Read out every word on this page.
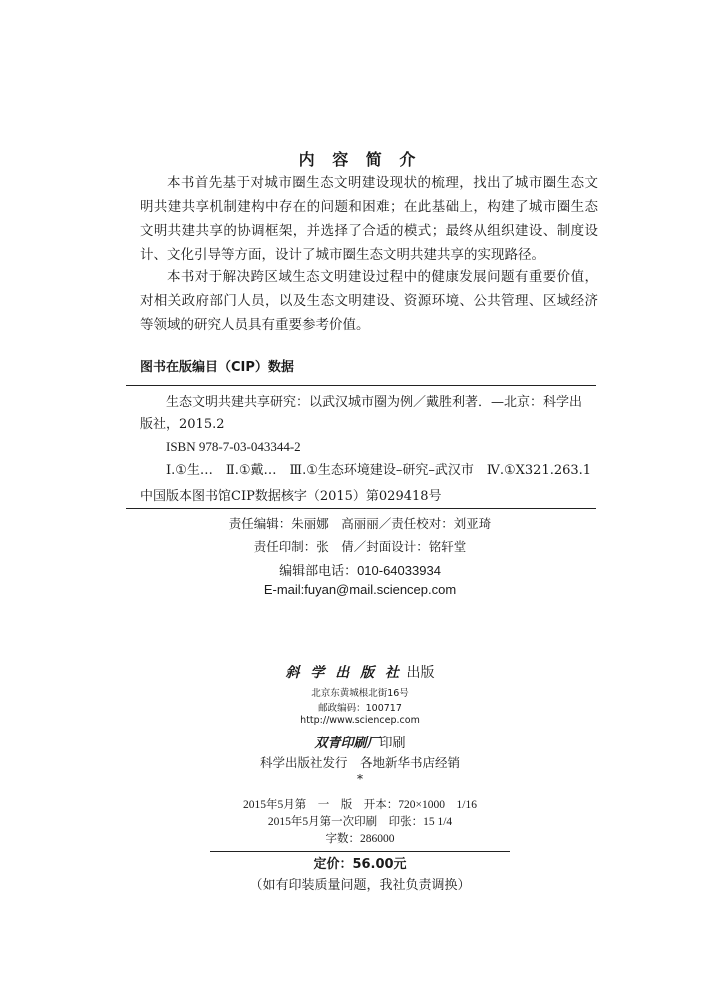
内 容 简 介
本书首先基于对城市圈生态文明建设现状的梳理，找出了城市圈生态文明共建共享机制建构中存在的问题和困难；在此基础上，构建了城市圈生态文明共建共享的协调框架，并选择了合适的模式；最终从组织建设、制度设计、文化引导等方面，设计了城市圈生态文明共建共享的实现路径。
本书对于解决跨区域生态文明建设过程中的健康发展问题有重要价值，对相关政府部门人员，以及生态文明建设、资源环境、公共管理、区域经济等领域的研究人员具有重要参考价值。
图书在版编目（CIP）数据
生态文明共建共享研究：以武汉城市圈为例／戴胜利著．—北京：科学出版社，2015.2
ISBN 978-7-03-043344-2
Ⅰ.①生…　Ⅱ.①戴…　Ⅲ.①生态环境建设–研究–武汉市　Ⅳ.①X321.263.1
中国版本图书馆CIP数据核字（2015）第029418号
责任编辑：朱丽娜　高丽丽／责任校对：刘亚琦
责任印制：张　倩／封面设计：铭轩堂
编辑部电话：010-64033934
E-mail:fuyan@mail.sciencep.com
斜 学 出 版 社 出版
北京东黄城根北街16号
邮政编码：100717
http://www.sciencep.com
双青印刷厂印刷
科学出版社发行　各地新华书店经销
*
2015年5月第　一　版　开本：720×1000　1/16
2015年5月第一次印刷　印张：15 1/4
字数：286000
定价：56.00元
（如有印装质量问题，我社负责调换）
